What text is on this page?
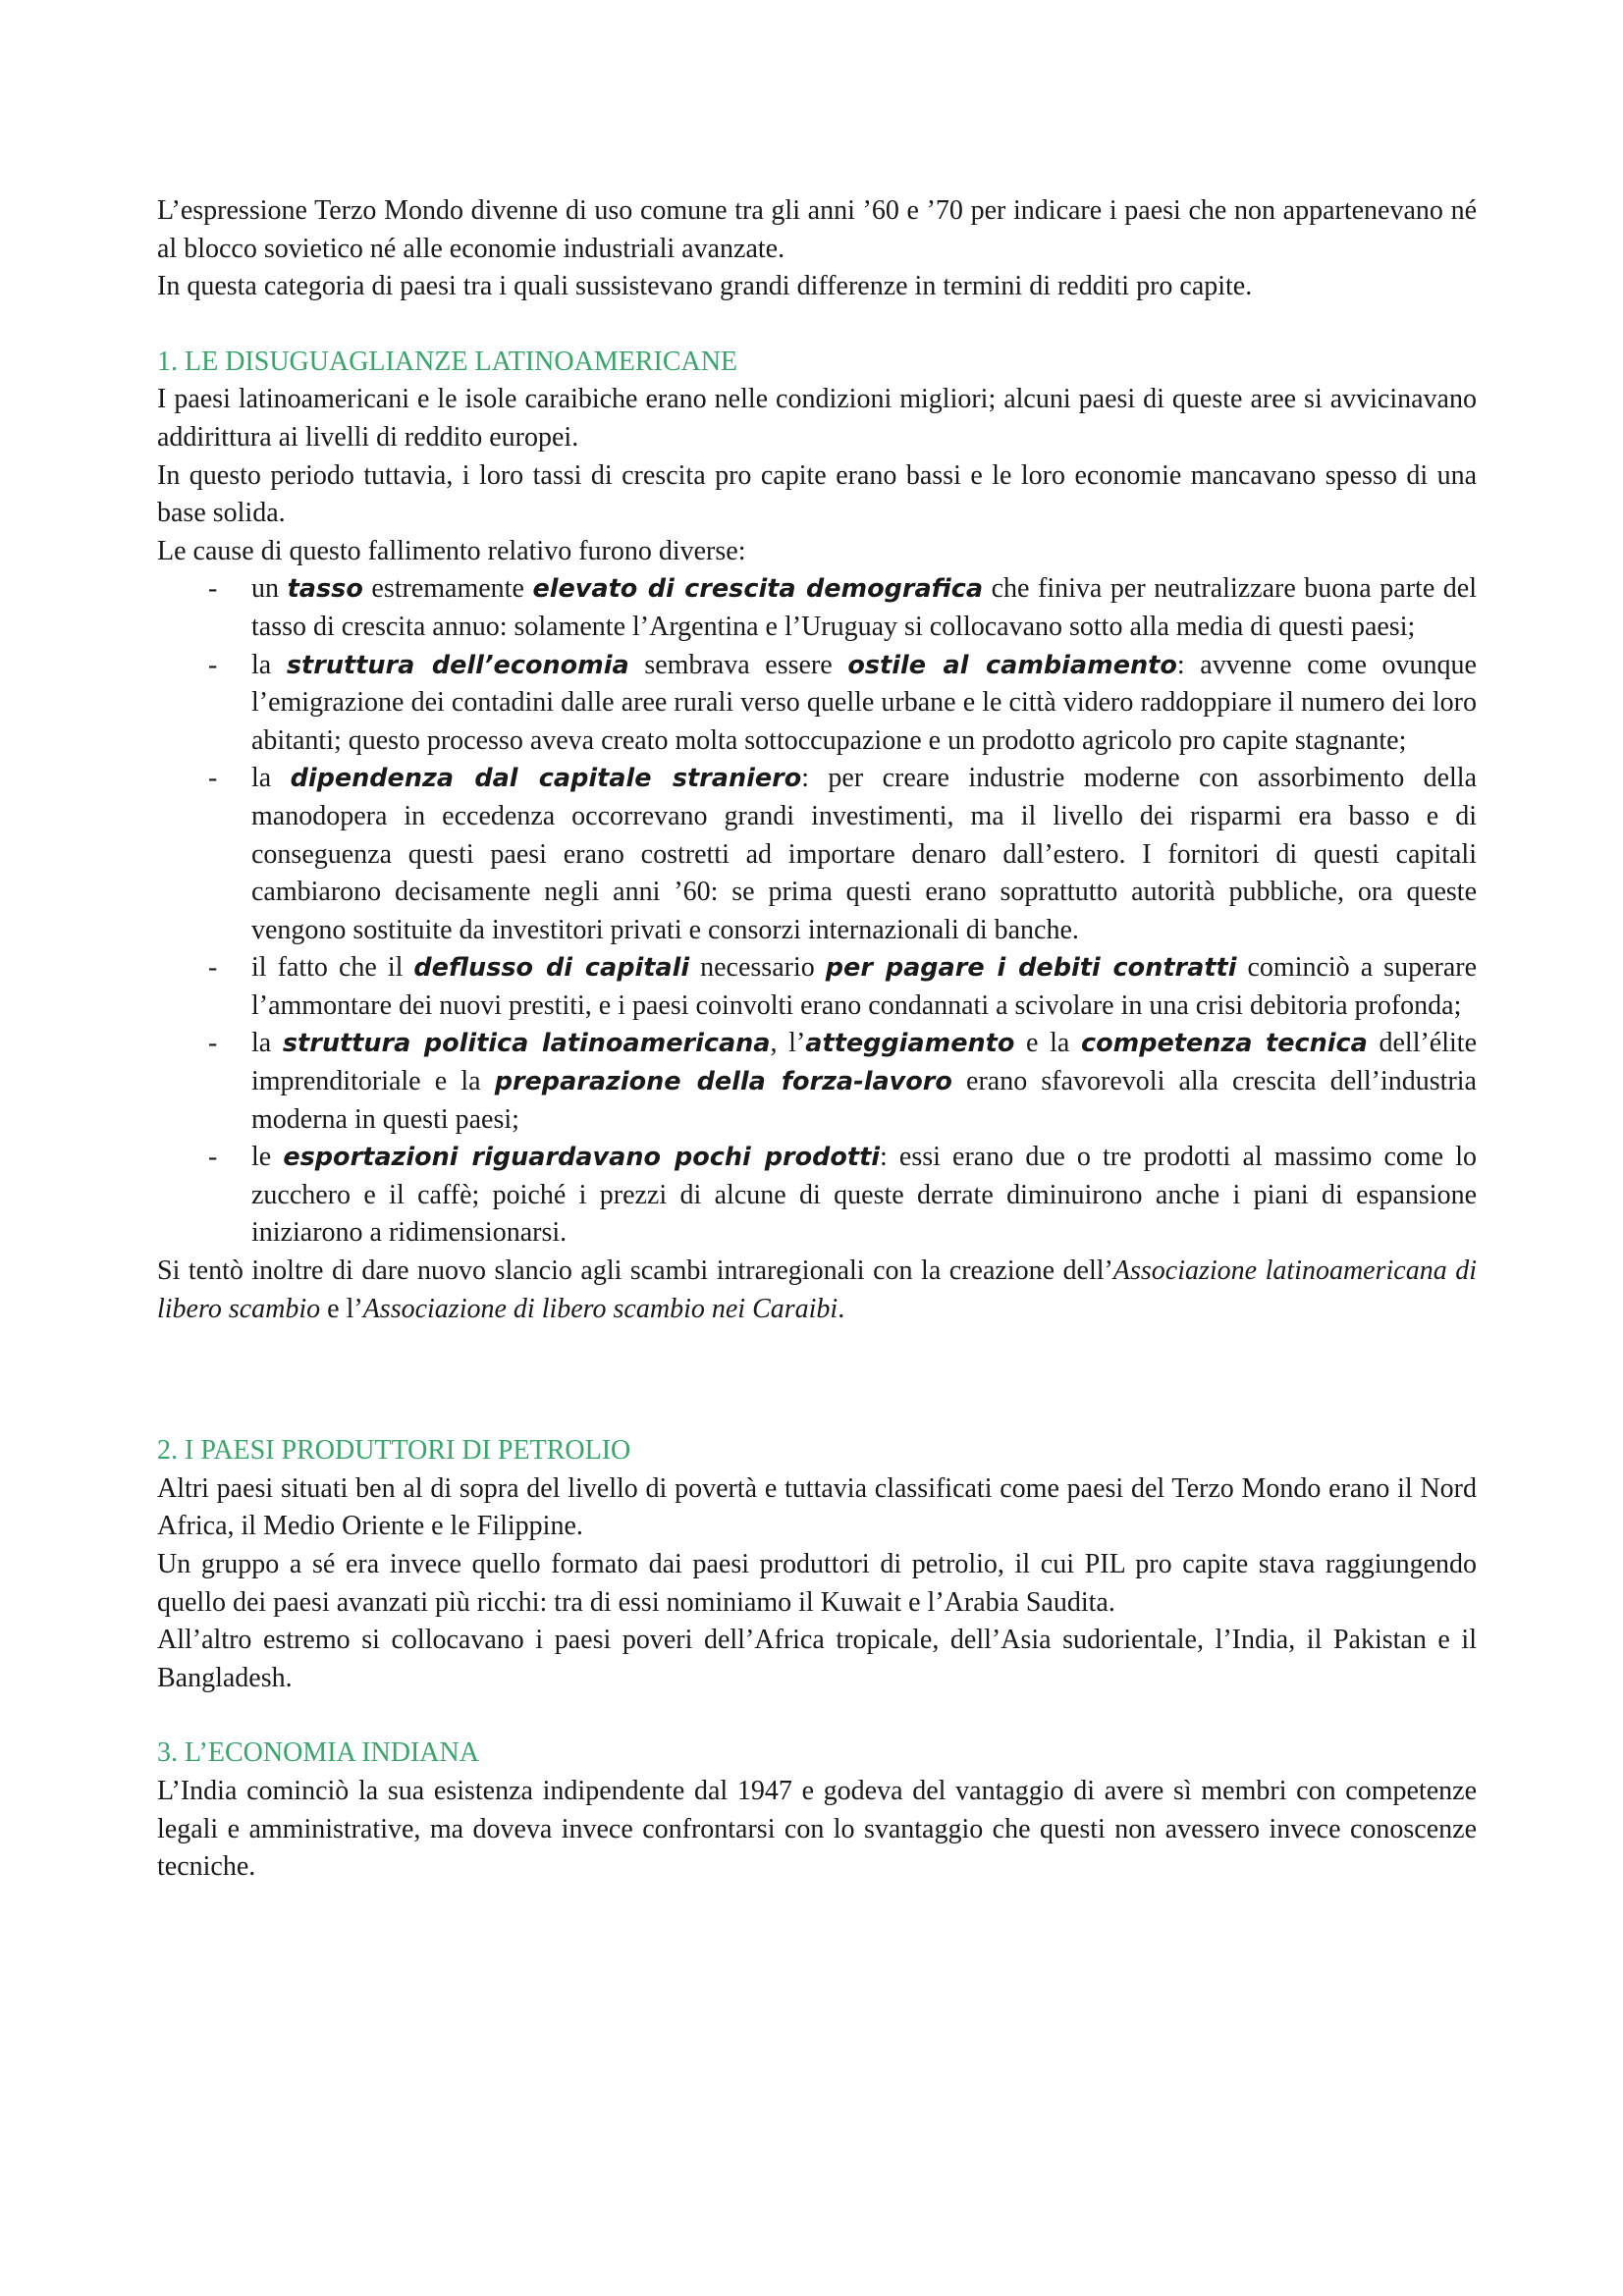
L’espressione Terzo Mondo divenne di uso comune tra gli anni ’60 e ’70 per indicare i paesi che non appartenevano né al blocco sovietico né alle economie industriali avanzate.

In questa categoria di paesi tra i quali sussistevano grandi differenze in termini di redditi pro capite.

1. LE DISUGUAGLIANZE LATINOAMERICANE

I paesi latinoamericani e le isole caraibiche erano nelle condizioni migliori; alcuni paesi di queste aree si avvicinavano addirittura ai livelli di reddito europei.

In questo periodo tuttavia, i loro tassi di crescita pro capite erano bassi e le loro economie mancavano spesso di una base solida.

Le cause di questo fallimento relativo furono diverse:

- un tasso estremamente elevato di crescita demografica che finiva per neutralizzare buona parte del tasso di crescita annuo: solamente l’Argentina e l’Uruguay si collocavano sotto alla media di questi paesi;
- la struttura dell’economia sembrava essere ostile al cambiamento: avvenne come ovunque l’emigrazione dei contadini dalle aree rurali verso quelle urbane e le città videro raddoppiare il numero dei loro abitanti; questo processo aveva creato molta sottoccupazione e un prodotto agricolo pro capite stagnante;
- la dipendenza dal capitale straniero: per creare industrie moderne con assorbimento della manodopera in eccedenza occorrevano grandi investimenti, ma il livello dei risparmi era basso e di conseguenza questi paesi erano costretti ad importare denaro dall’estero. I fornitori di questi capitali cambiarono decisamente negli anni ’60: se prima questi erano soprattutto autorità pubbliche, ora queste vengono sostituite da investitori privati e consorzi internazionali di banche.
- il fatto che il deflusso di capitali necessario per pagare i debiti contratti cominciò a superare l’ammontare dei nuovi prestiti, e i paesi coinvolti erano condannati a scivolare in una crisi debitoria profonda;
- la struttura politica latinoamericana, l’atteggiamento e la competenza tecnica dell’élite imprenditoriale e la preparazione della forza-lavoro erano sfavorevoli alla crescita dell’industria moderna in questi paesi;
- le esportazioni riguardavano pochi prodotti: essi erano due o tre prodotti al massimo come lo zucchero e il caffè; poiché i prezzi di alcune di queste derrate diminuirono anche i piani di espansione iniziarono a ridimensionarsi.

Si tentò inoltre di dare nuovo slancio agli scambi intraregionali con la creazione dell’Associazione latinoamericana di libero scambio e l’Associazione di libero scambio nei Caraibi.

2. I PAESI PRODUTTORI DI PETROLIO

Altri paesi situati ben al di sopra del livello di povertà e tuttavia classificati come paesi del Terzo Mondo erano il Nord Africa, il Medio Oriente e le Filippine.

Un gruppo a sé era invece quello formato dai paesi produttori di petrolio, il cui PIL pro capite stava raggiungendo quello dei paesi avanzati più ricchi: tra di essi nominiamo il Kuwait e l’Arabia Saudita.

All’altro estremo si collocavano i paesi poveri dell’Africa tropicale, dell’Asia sudorientale, l’India, il Pakistan e il Bangladesh.

3. L’ECONOMIA INDIANA

L’India cominciò la sua esistenza indipendente dal 1947 e godeva del vantaggio di avere sì membri con competenze legali e amministrative, ma doveva invece confrontarsi con lo svantaggio che questi non avessero invece conoscenze tecniche.
